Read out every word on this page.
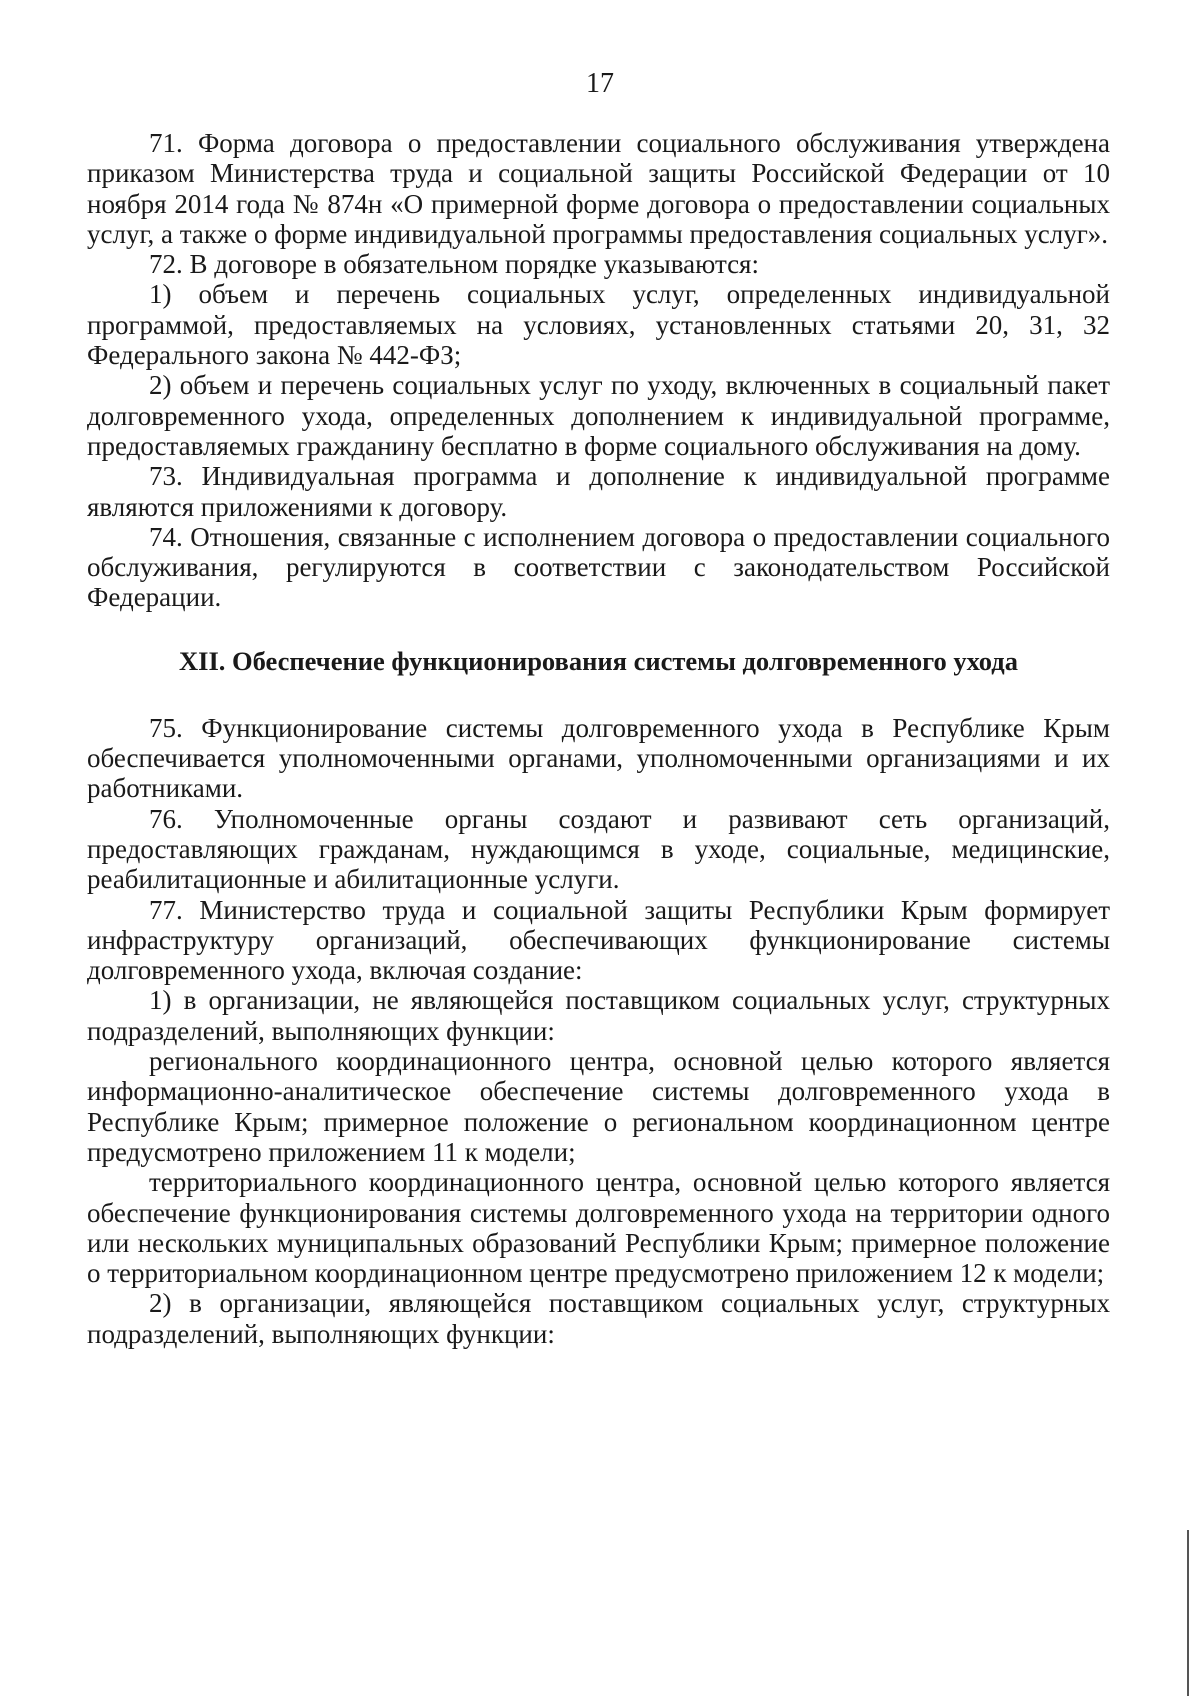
17

71. Форма договора о предоставлении социального обслуживания утверждена приказом Министерства труда и социальной защиты Российской Федерации от 10 ноября 2014 года № 874н «О примерной форме договора о предоставлении социальных услуг, а также о форме индивидуальной программы предоставления социальных услуг».

72. В договоре в обязательном порядке указываются:

1) объем и перечень социальных услуг, определенных индивидуальной программой, предоставляемых на условиях, установленных статьями 20, 31, 32 Федерального закона № 442-ФЗ;

2) объем и перечень социальных услуг по уходу, включенных в социальный пакет долговременного ухода, определенных дополнением к индивидуальной программе, предоставляемых гражданину бесплатно в форме социального обслуживания на дому.

73. Индивидуальная программа и дополнение к индивидуальной программе являются приложениями к договору.

74. Отношения, связанные с исполнением договора о предоставлении социального обслуживания, регулируются в соответствии с законодательством Российской Федерации.

XII. Обеспечение функционирования системы долговременного ухода

75. Функционирование системы долговременного ухода в Республике Крым обеспечивается уполномоченными органами, уполномоченными организациями и их работниками.

76. Уполномоченные органы создают и развивают сеть организаций, предоставляющих гражданам, нуждающимся в уходе, социальные, медицинские, реабилитационные и абилитационные услуги.

77. Министерство труда и социальной защиты Республики Крым формирует инфраструктуру организаций, обеспечивающих функционирование системы долговременного ухода, включая создание:

1) в организации, не являющейся поставщиком социальных услуг, структурных подразделений, выполняющих функции:

регионального координационного центра, основной целью которого является информационно-аналитическое обеспечение системы долговременного ухода в Республике Крым; примерное положение о региональном координационном центре предусмотрено приложением 11 к модели;

территориального координационного центра, основной целью которого является обеспечение функционирования системы долговременного ухода на территории одного или нескольких муниципальных образований Республики Крым; примерное положение о территориальном координационном центре предусмотрено приложением 12 к модели;

2) в организации, являющейся поставщиком социальных услуг, структурных подразделений, выполняющих функции:
